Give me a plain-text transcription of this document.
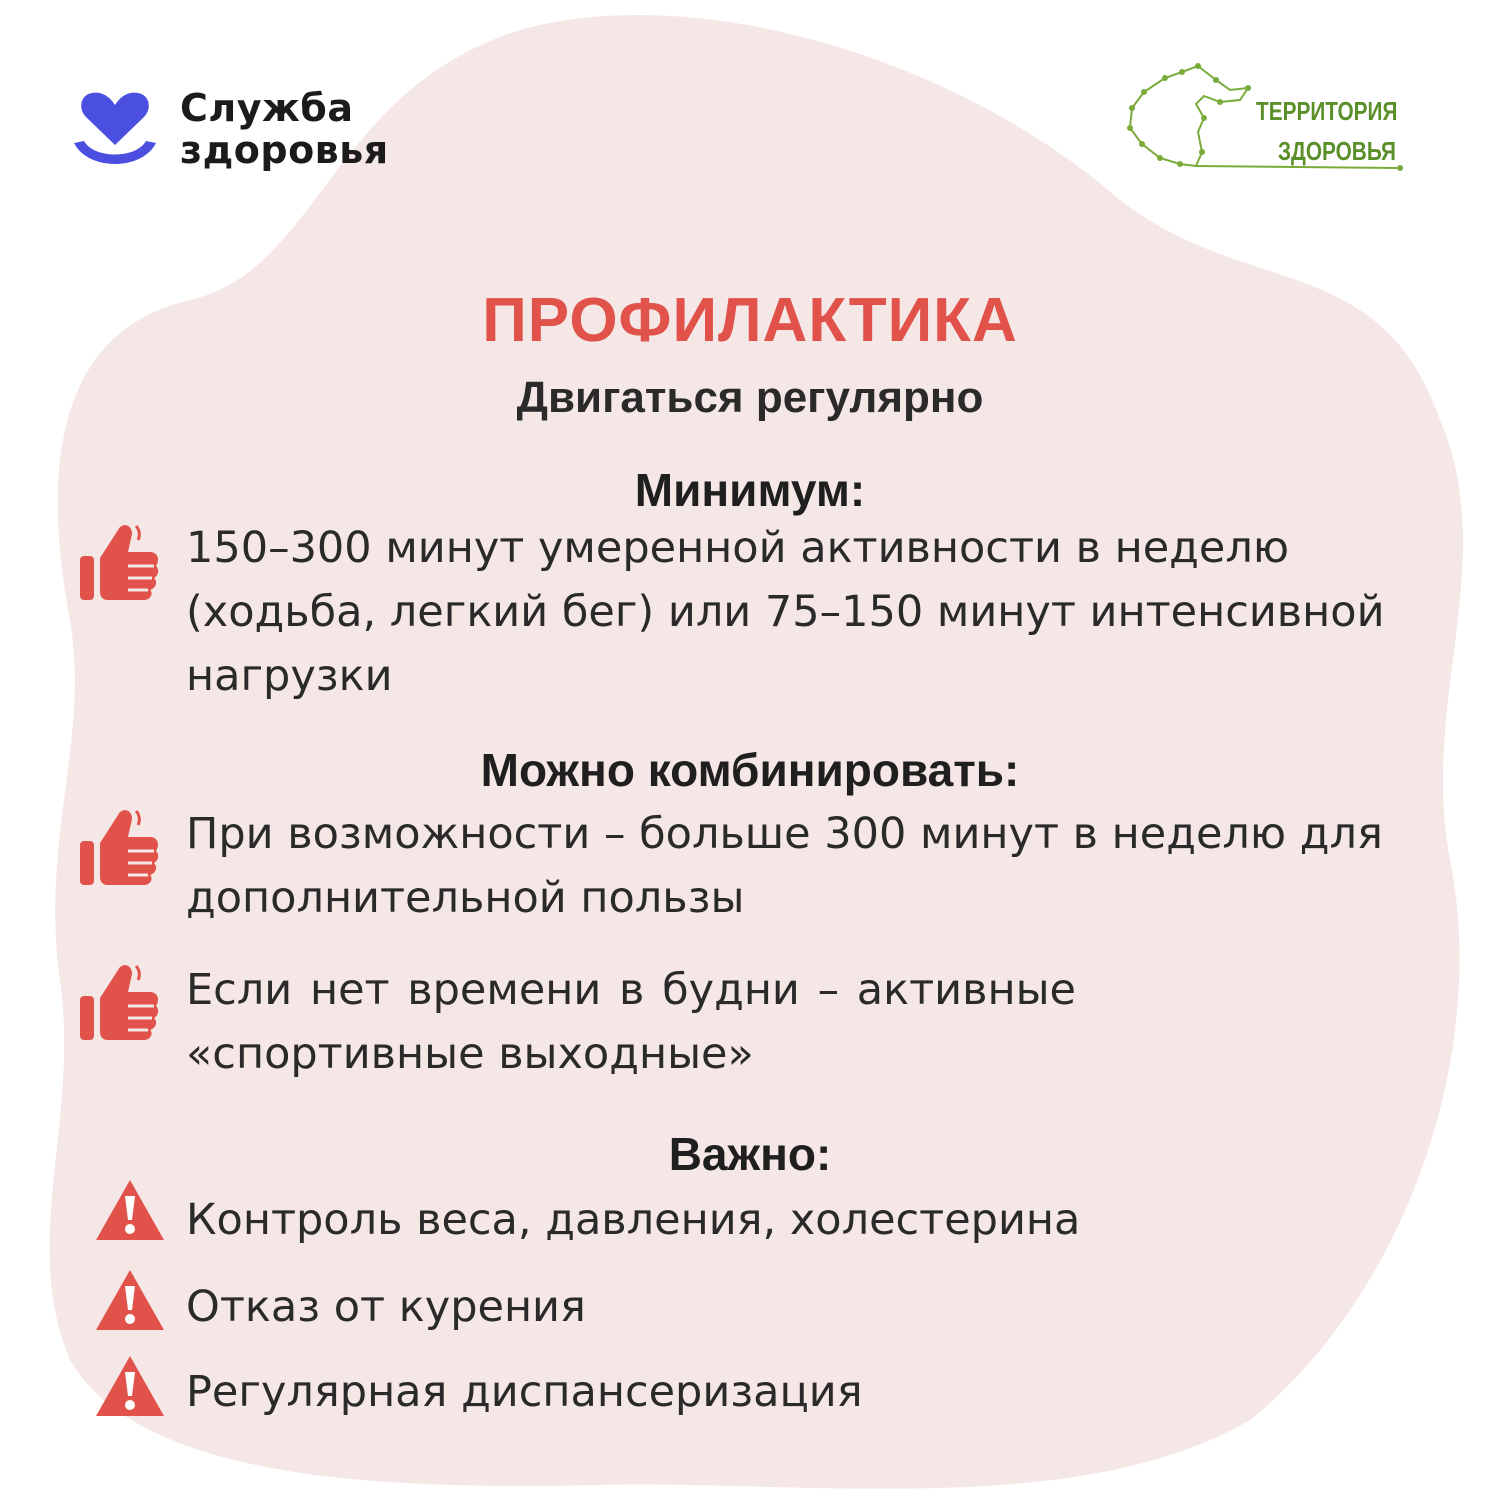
Служба
здоровья
ТЕРРИТОРИЯ
ЗДОРОВЬЯ
ПРОФИЛАКТИКА
Двигаться регулярно
Минимум:
150–300 минут умеренной активности в неделю (ходьба, легкий бег) или 75–150 минут интенсивной нагрузки
Можно комбинировать:
При возможности – больше 300 минут в неделю для дополнительной пользы
Если нет времени в будни – активные «спортивные выходные»
Важно:
Контроль веса, давления, холестерина
Отказ от курения
Регулярная диспансеризация
